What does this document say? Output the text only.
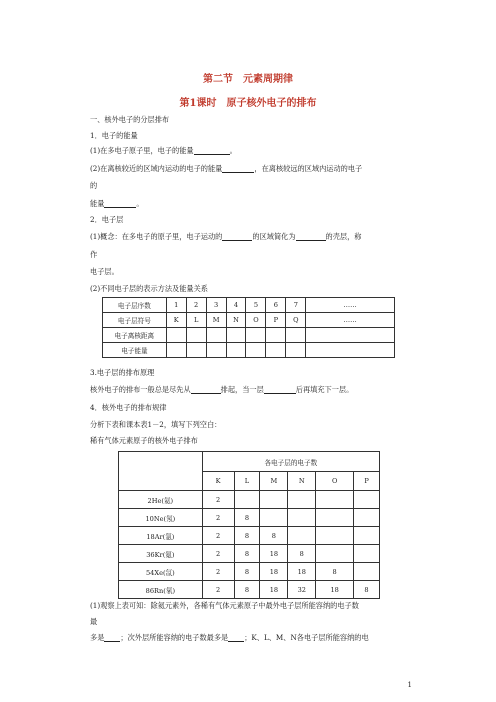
第二节　元素周期律
第1课时　原子核外电子的排布
一、核外电子的分层排布
1．电子的能量
(1)在多电子原子里，电子的能量	。
(2)在离核较近的区域内运动的电子的能量	，在离核较远的区域内运动的电子
的
能量	。
2．电子层
(1)概念：在多电子的原子里，电子运动的	的区域简化为	的壳层，称
作
电子层。
(2)不同电子层的表示方法及能量关系
电子层序数	1	2	3	4	5	6	7	……
电子层符号	K	L	M	N	O	P	Q	……
电子离核距离								
电子能量								
3.电子层的排布原理
核外电子的排布一般总是尽先从	排起，当一层	后再填充下一层。
4．核外电子的排布规律
分析下表和课本表1－2，填写下列空白：
稀有气体元素原子的核外电子排布
	各电子层的电子数					
	K	L	M	N	O	P
2He(氦)	2					
10Ne(氖)	2	8				
18Ar(氩)	2	8	8			
36Kr(氪)	2	8	18	8		
54Xe(氙)	2	8	18	18	8	
86Rn(氡)	2	8	18	32	18	8
(1)观察上表可知：除氦元素外，各稀有气体元素原子中最外电子层所能容纳的电子数
最
多是 ；次外层所能容纳的电子数最多是 ；K、L、M、N各电子层所能容纳的电
1
